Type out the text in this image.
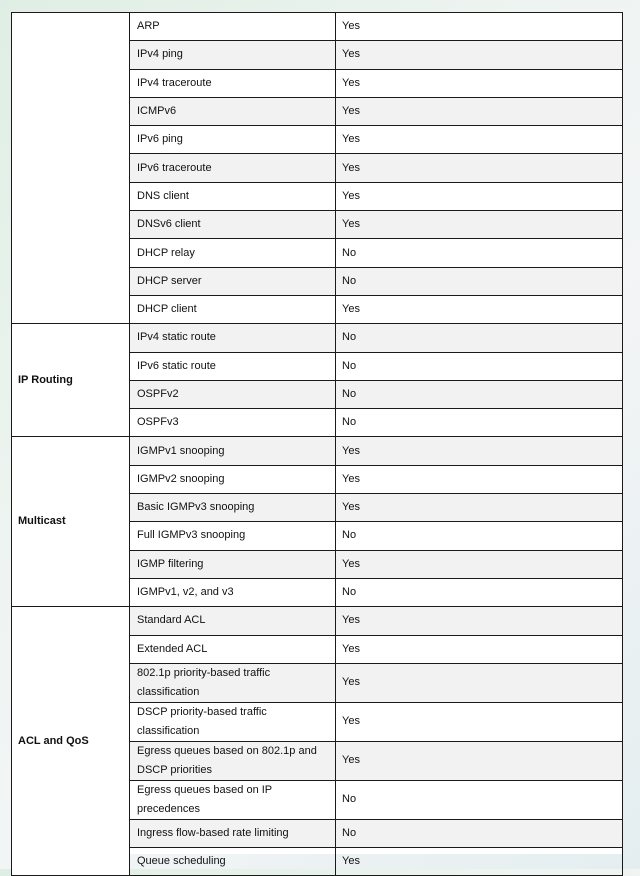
	ARP	Yes
	IPv4 ping	Yes
	IPv4 traceroute	Yes
	ICMPv6	Yes
	IPv6 ping	Yes
	IPv6 traceroute	Yes
	DNS client	Yes
	DNSv6 client	Yes
	DHCP relay	No
	DHCP server	No
	DHCP client	Yes
IP Routing	IPv4 static route	No
	IPv6 static route	No
	OSPFv2	No
	OSPFv3	No
Multicast	IGMPv1 snooping	Yes
	IGMPv2 snooping	Yes
	Basic IGMPv3 snooping	Yes
	Full IGMPv3 snooping	No
	IGMP filtering	Yes
	IGMPv1, v2, and v3	No
ACL and QoS	Standard ACL	Yes
	Extended ACL	Yes
	802.1p priority-based traffic classification	Yes
	DSCP priority-based traffic classification	Yes
	Egress queues based on 802.1p and DSCP priorities	Yes
	Egress queues based on IP precedences	No
	Ingress flow-based rate limiting	No
	Queue scheduling	Yes
